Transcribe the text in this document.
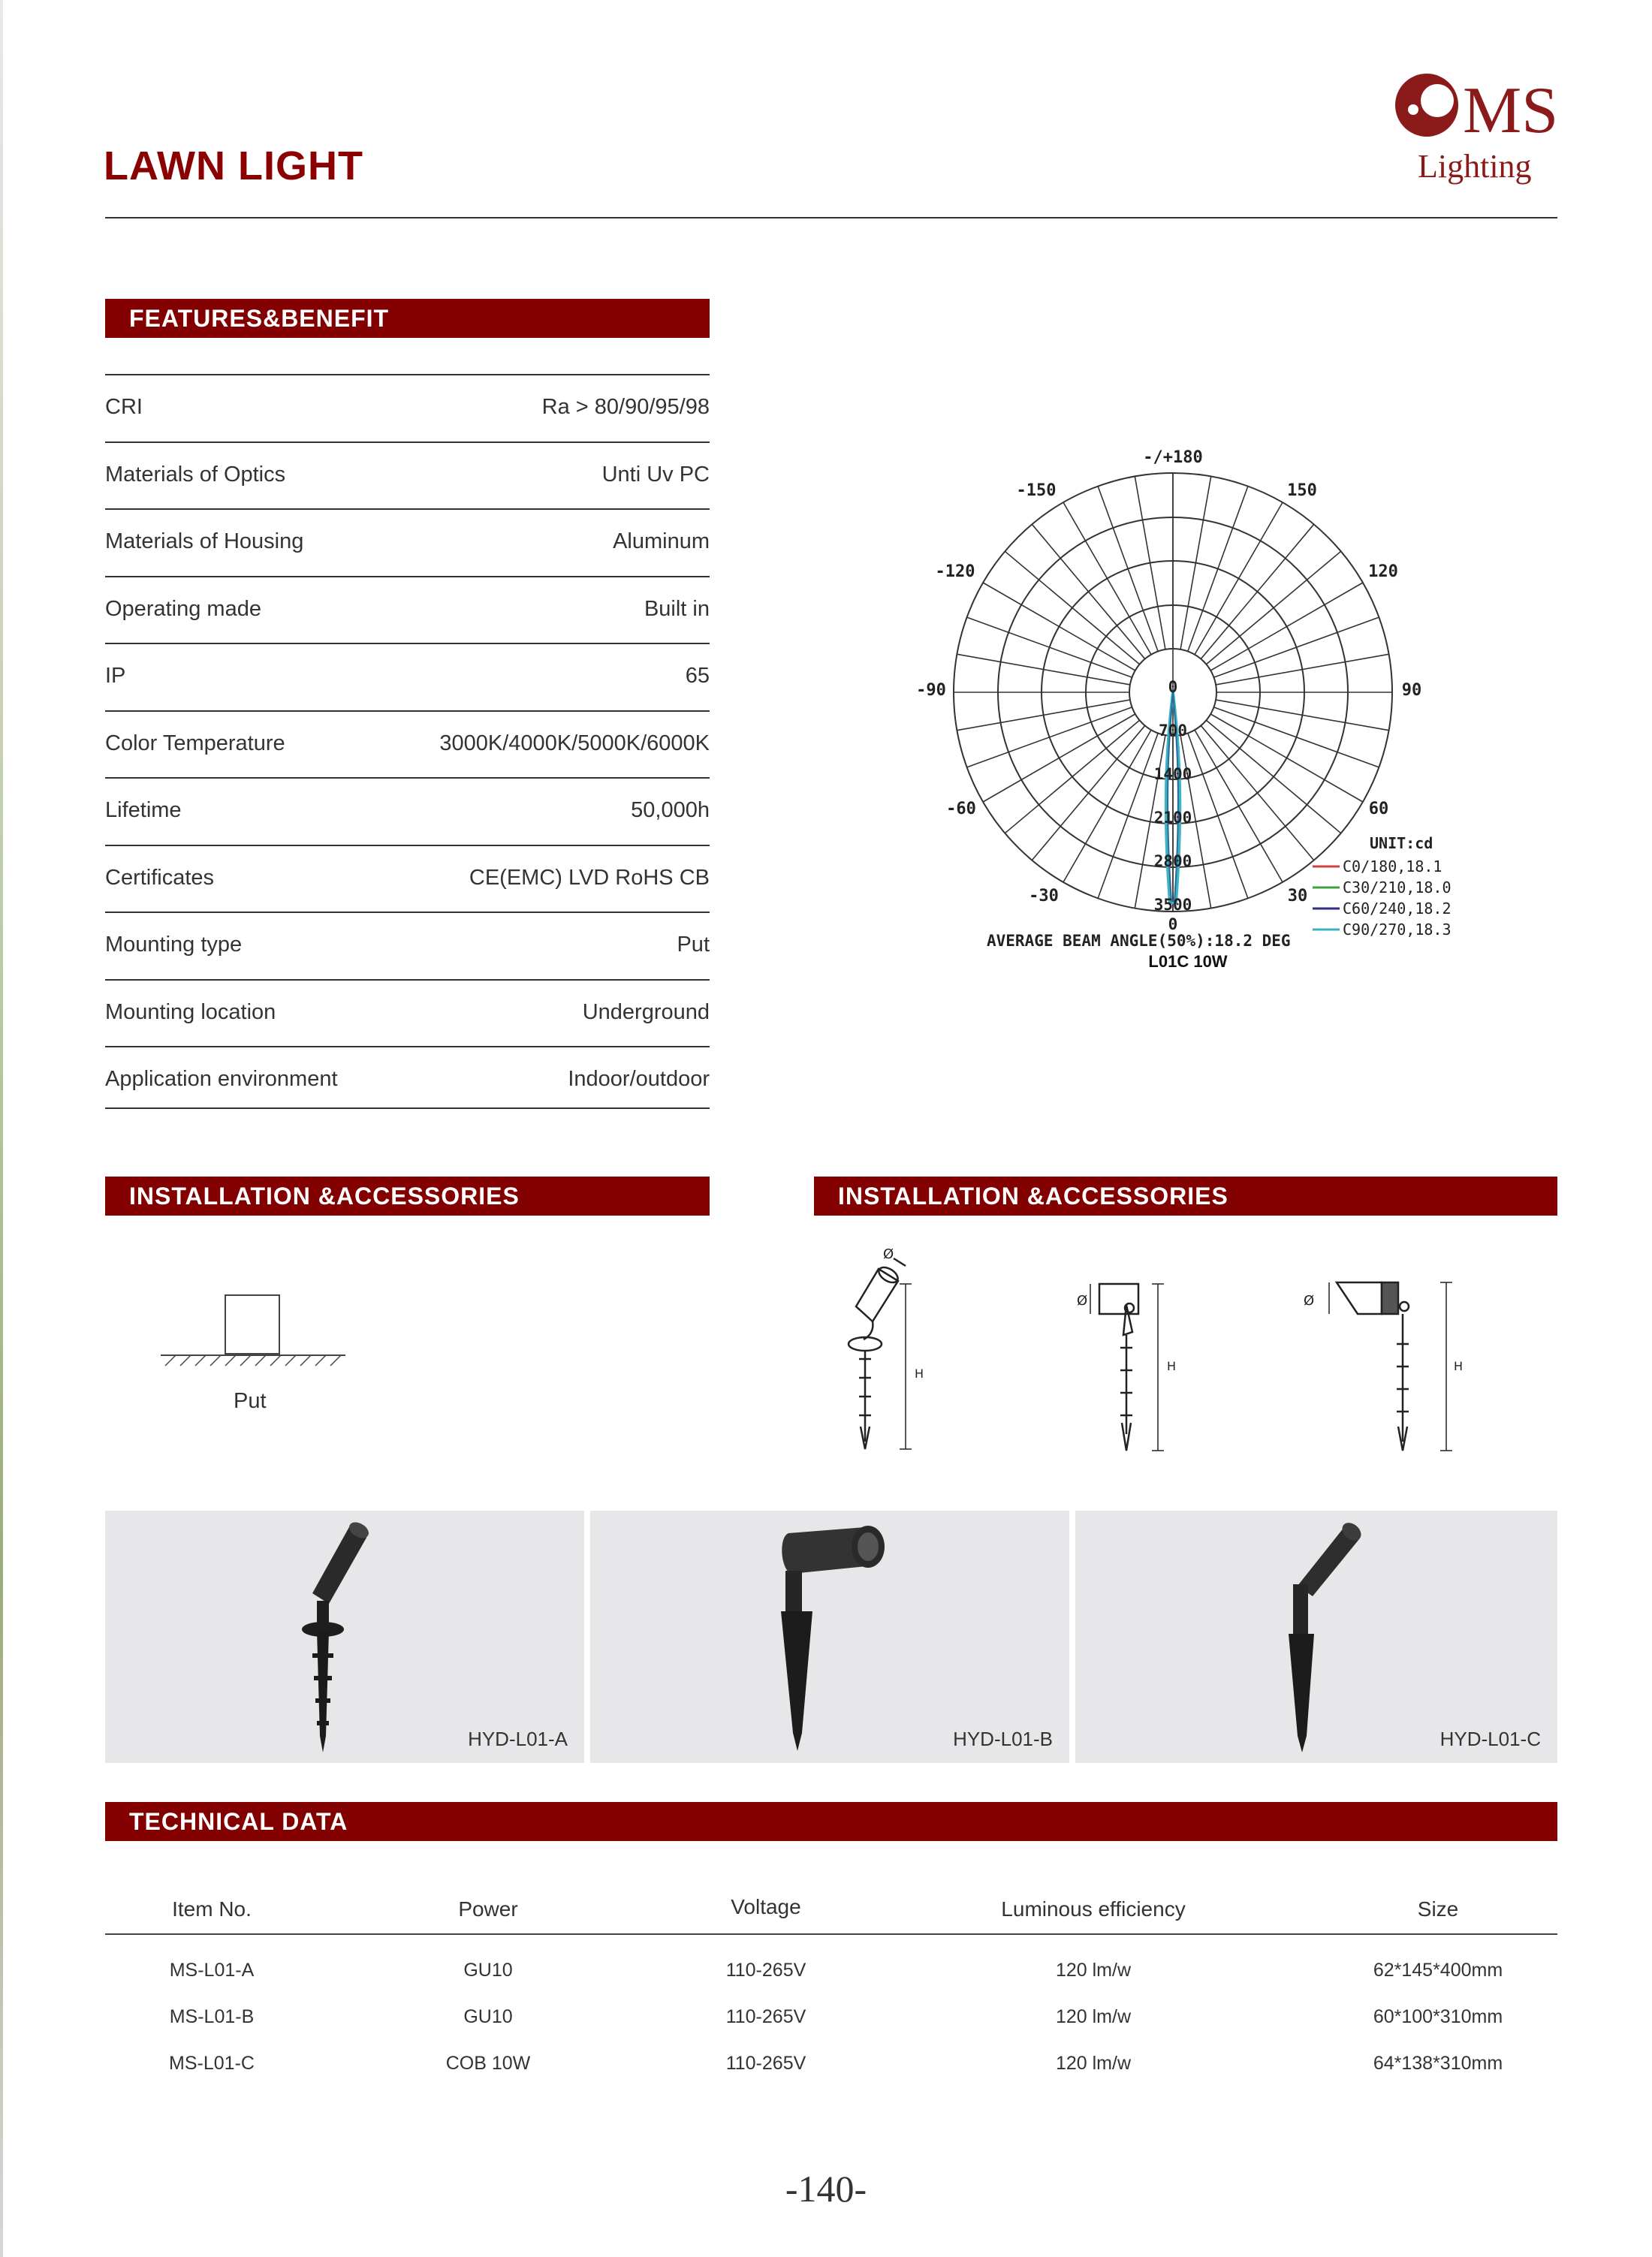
LAWN LIGHT
MS
Lighting
FEATURES&BENEFIT
CRI	Ra > 80/90/95/98
Materials of Optics	Unti Uv PC
Materials of Housing	Aluminum
Operating made	Built in
IP	65
Color Temperature	3000K/4000K/5000K/6000K
Lifetime	50,000h
Certificates	CE(EMC) LVD RoHS CB
Mounting type	Put
Mounting location	Underground
Application environment	Indoor/outdoor
-/+180
-150	150
-120	120
-90	90
-60	60
-30	30
0
700
1400
2100
2800
3500
0
UNIT:cd
C0/180,18.1
C30/210,18.0
C60/240,18.2
C90/270,18.3
AVERAGE BEAM ANGLE(50%):18.2 DEG
L01C 10W
INSTALLATION &ACCESSORIES	INSTALLATION &ACCESSORIES
Put
Ø
H
Ø
H
Ø
H
HYD-L01-A	HYD-L01-B	HYD-L01-C
TECHNICAL DATA
Item No.	Power	Voltage	Luminous efficiency	Size
MS-L01-A	GU10	110-265V	120 lm/w	62*145*400mm
MS-L01-B	GU10	110-265V	120 lm/w	60*100*310mm
MS-L01-C	COB 10W	110-265V	120 lm/w	64*138*310mm
-140-
